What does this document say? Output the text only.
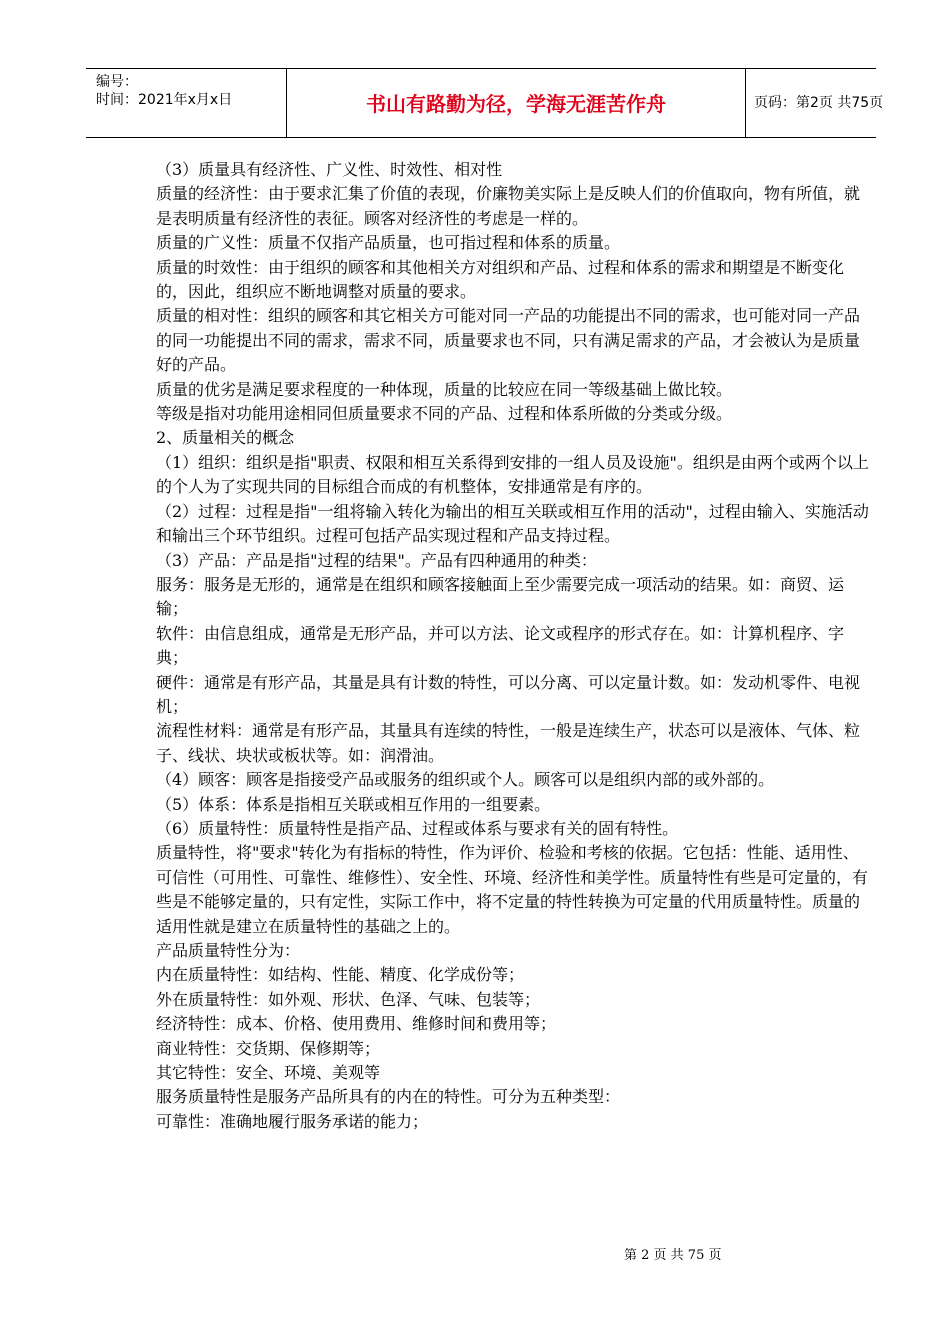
编号：
时间：2021年x月x日	书山有路勤为径，学海无涯苦作舟	页码：第2页 共75页

（3）质量具有经济性、广义性、时效性、相对性

质量的经济性：由于要求汇集了价值的表现，价廉物美实际上是反映人们的价值取向，物有所值，就是表明质量有经济性的表征。顾客对经济性的考虑是一样的。

质量的广义性：质量不仅指产品质量，也可指过程和体系的质量。

质量的时效性：由于组织的顾客和其他相关方对组织和产品、过程和体系的需求和期望是不断变化的，因此，组织应不断地调整对质量的要求。

质量的相对性：组织的顾客和其它相关方可能对同一产品的功能提出不同的需求，也可能对同一产品的同一功能提出不同的需求，需求不同，质量要求也不同，只有满足需求的产品，才会被认为是质量好的产品。

质量的优劣是满足要求程度的一种体现，质量的比较应在同一等级基础上做比较。

等级是指对功能用途相同但质量要求不同的产品、过程和体系所做的分类或分级。

2、质量相关的概念

（1）组织：组织是指"职责、权限和相互关系得到安排的一组人员及设施"。组织是由两个或两个以上的个人为了实现共同的目标组合而成的有机整体，安排通常是有序的。

（2）过程：过程是指"一组将输入转化为输出的相互关联或相互作用的活动"，过程由输入、实施活动和输出三个环节组织。过程可包括产品实现过程和产品支持过程。

（3）产品：产品是指"过程的结果"。产品有四种通用的种类：

服务：服务是无形的，通常是在组织和顾客接触面上至少需要完成一项活动的结果。如：商贸、运输；

软件：由信息组成，通常是无形产品，并可以方法、论文或程序的形式存在。如：计算机程序、字典；

硬件：通常是有形产品，其量是具有计数的特性，可以分离、可以定量计数。如：发动机零件、电视机；

流程性材料：通常是有形产品，其量具有连续的特性，一般是连续生产，状态可以是液体、气体、粒子、线状、块状或板状等。如：润滑油。

（4）顾客：顾客是指接受产品或服务的组织或个人。顾客可以是组织内部的或外部的。

（5）体系：体系是指相互关联或相互作用的一组要素。

（6）质量特性：质量特性是指产品、过程或体系与要求有关的固有特性。

质量特性，将"要求"转化为有指标的特性，作为评价、检验和考核的依据。它包括：性能、适用性、可信性（可用性、可靠性、维修性）、安全性、环境、经济性和美学性。质量特性有些是可定量的，有些是不能够定量的，只有定性，实际工作中，将不定量的特性转换为可定量的代用质量特性。质量的适用性就是建立在质量特性的基础之上的。

产品质量特性分为：

内在质量特性：如结构、性能、精度、化学成份等；

外在质量特性：如外观、形状、色泽、气味、包装等；

经济特性：成本、价格、使用费用、维修时间和费用等；

商业特性：交货期、保修期等；

其它特性：安全、环境、美观等

服务质量特性是服务产品所具有的内在的特性。可分为五种类型：

可靠性：准确地履行服务承诺的能力；

第 2 页 共 75 页
